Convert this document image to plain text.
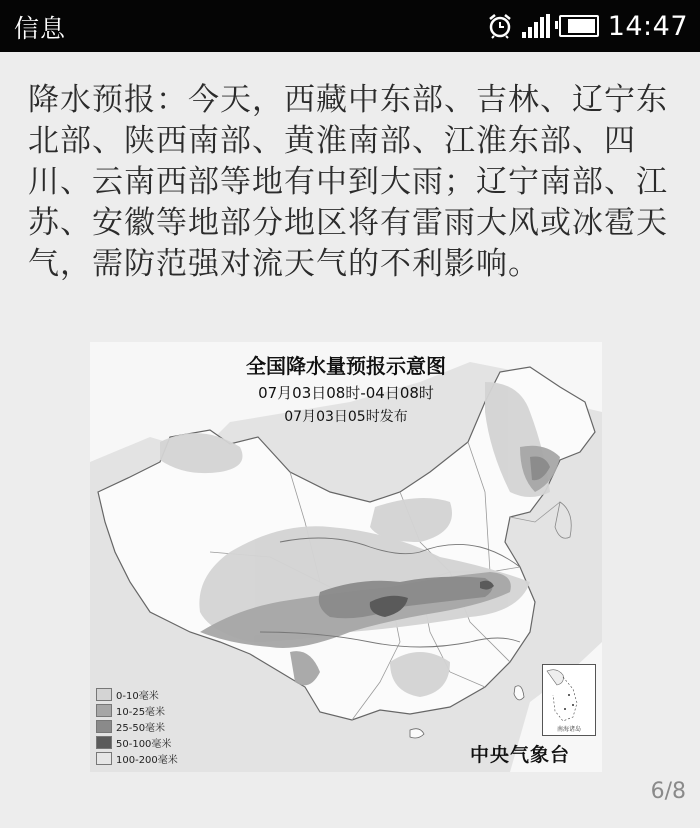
信息	14:47
降水预报：今天，西藏中东部、吉林、辽宁东北部、陕西南部、黄淮南部、江淮东部、四川、云南西部等地有中到大雨；辽宁南部、江苏、安徽等地部分地区将有雷雨大风或冰雹天气，需防范强对流天气的不利影响。
全国降水量预报示意图
07月03日08时-04日08时
07月03日05时发布
0-10毫米
10-25毫米
25-50毫米
50-100毫米
100-200毫米
南海诸岛
中央气象台
6/8
